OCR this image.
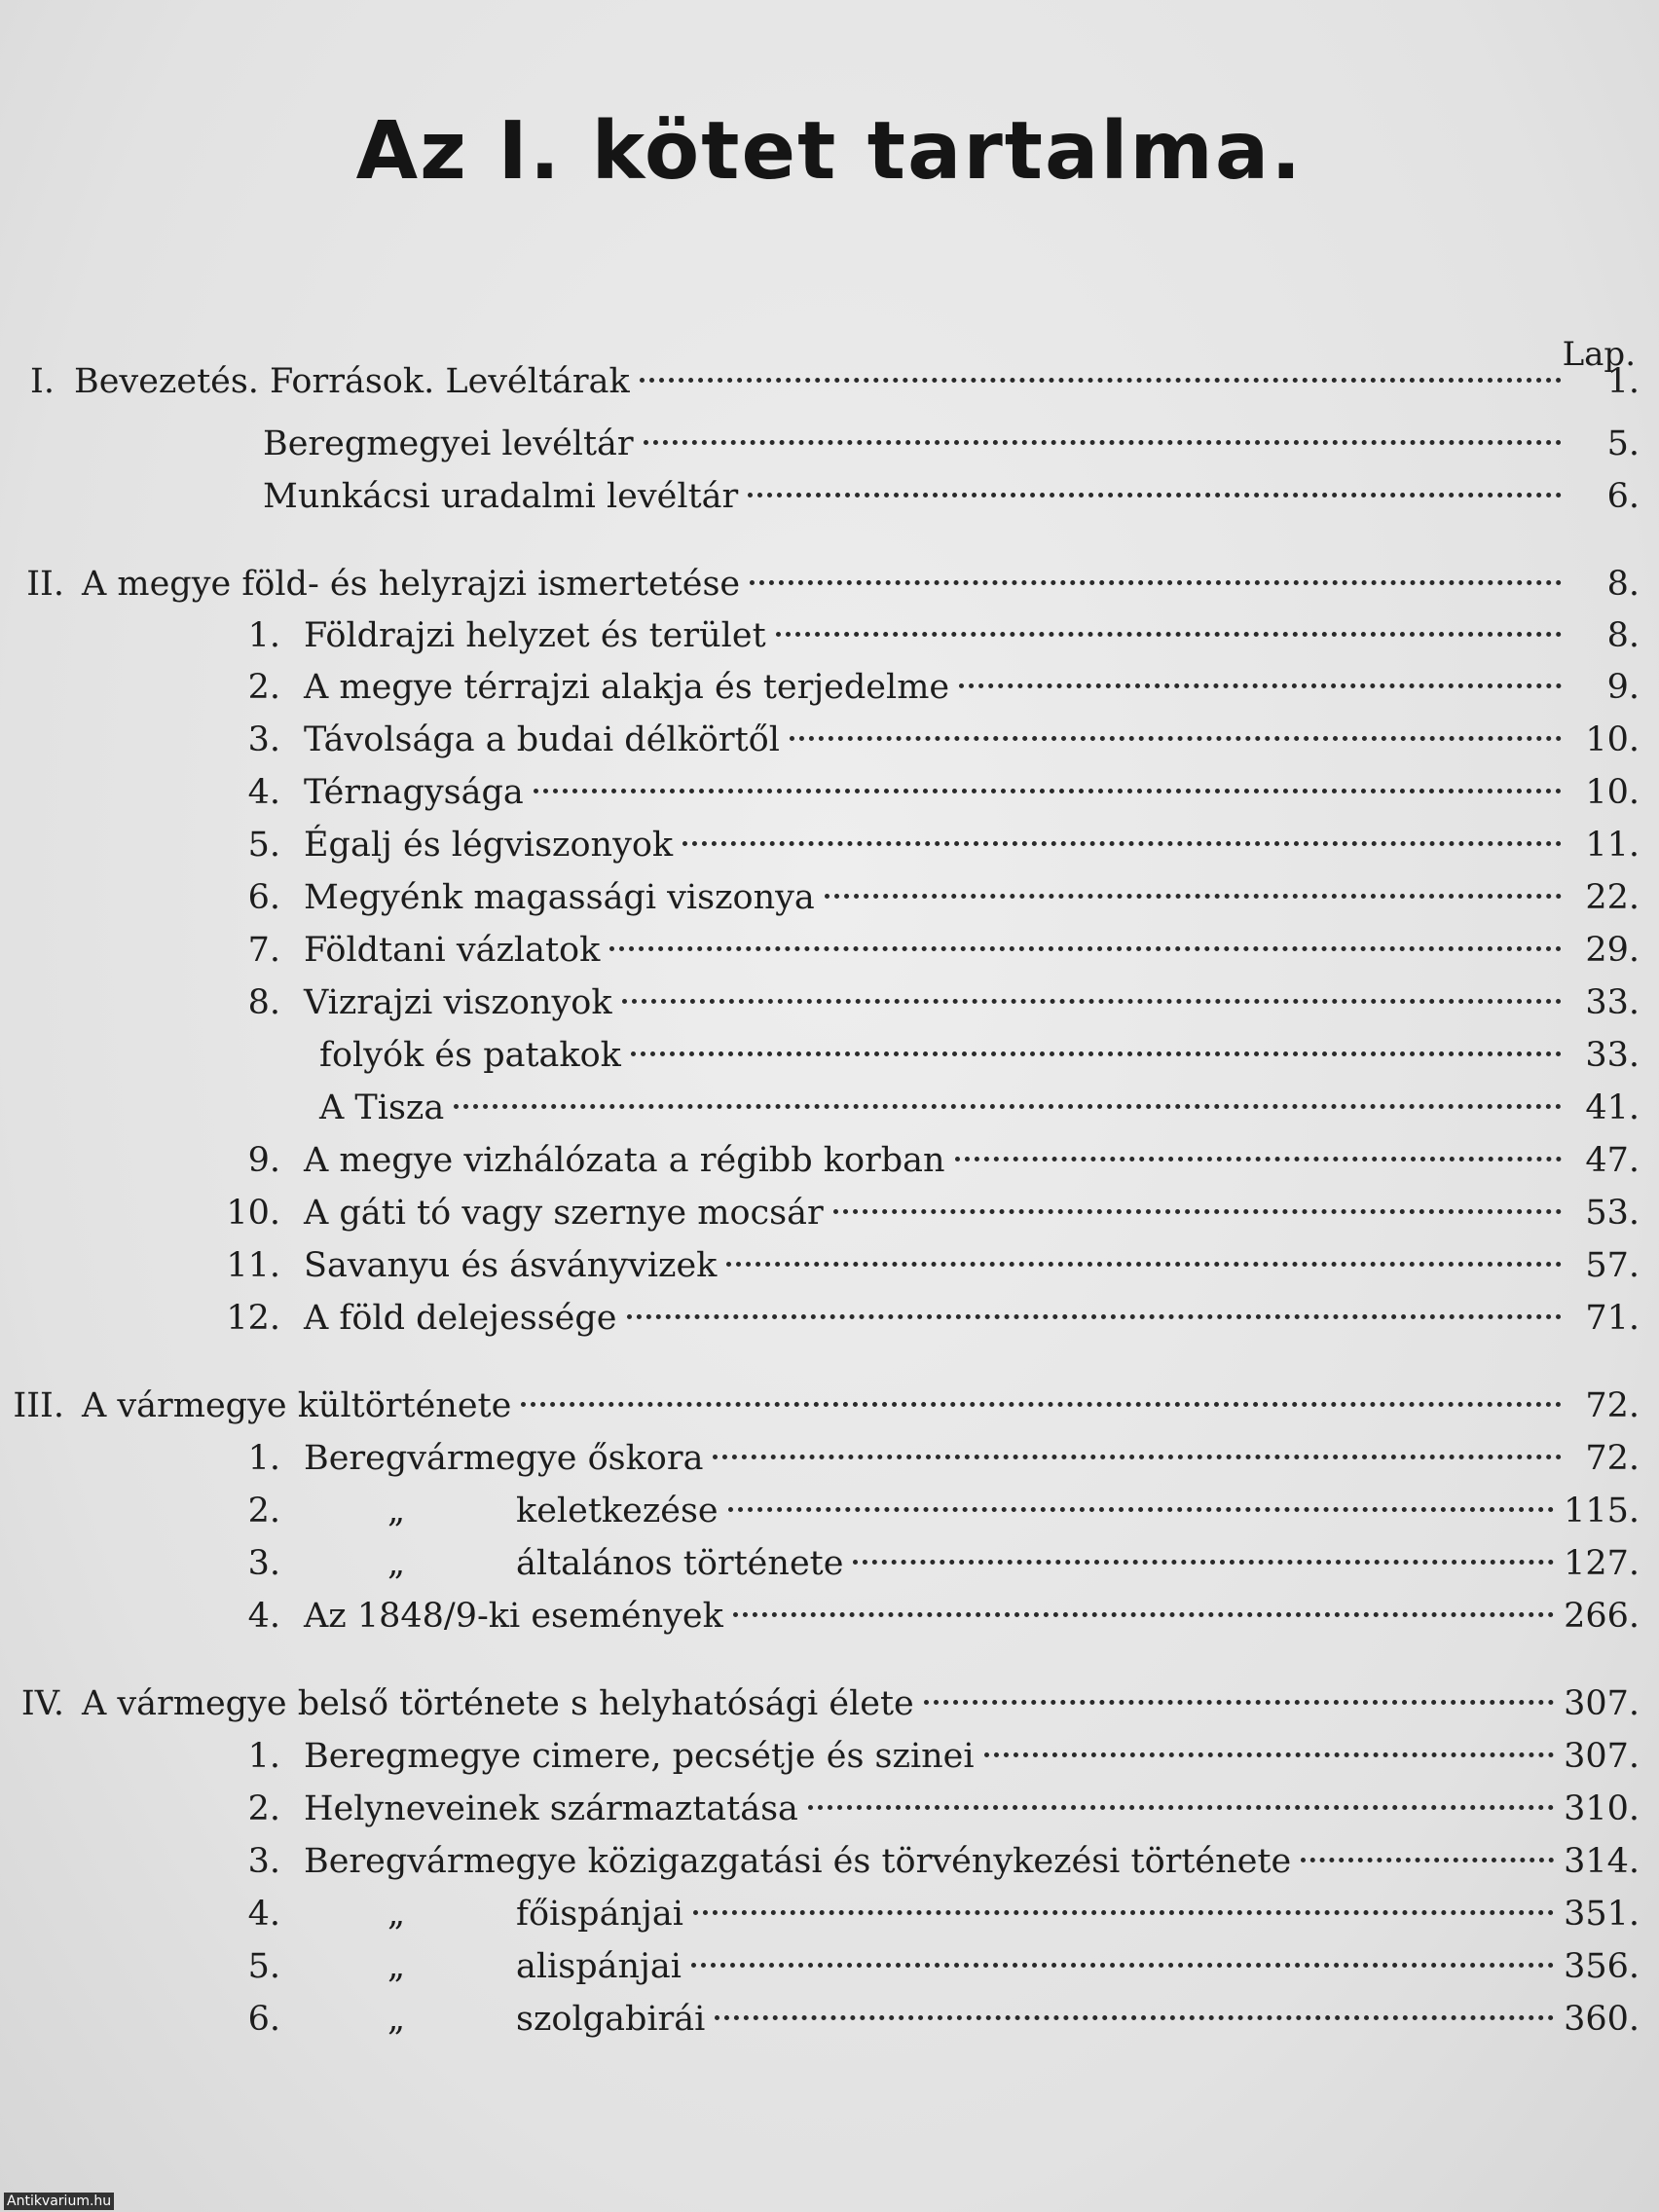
Az I. kötet tartalma.
Lap.
I. Bevezetés. Források. Levéltárak	1.
Beregmegyei levéltár	5.
Munkácsi uradalmi levéltár	6.
II. A megye föld- és helyrajzi ismertetése	8.
1. Földrajzi helyzet és terület	8.
2. A megye térrajzi alakja és terjedelme	9.
3. Távolsága a budai délkörtől	10.
4. Térnagysága	10.
5. Égalj és légviszonyok	11.
6. Megyénk magassági viszonya	22.
7. Földtani vázlatok	29.
8. Vizrajzi viszonyok	33.
folyók és patakok	33.
A Tisza	41.
9. A megye vizhálózata a régibb korban	47.
10. A gáti tó vagy szernye mocsár	53.
11. Savanyu és ásványvizek	57.
12. A föld delejessége	71.
III. A vármegye kültörténete	72.
1. Beregvármegye őskora	72.
2.	„	keletkezése	115.
3.	„	általános története	127.
4. Az 1848/9-ki események	266.
IV. A vármegye belső története s helyhatósági élete	307.
1. Beregmegye cimere, pecsétje és szinei	307.
2. Helyneveinek származtatása	310.
3. Beregvármegye közigazgatási és törvénykezési története	314.
4.	„	főispánjai	351.
5.	„	alispánjai	356.
6.	„	szolgabirái	360.
Antikvarium.hu
